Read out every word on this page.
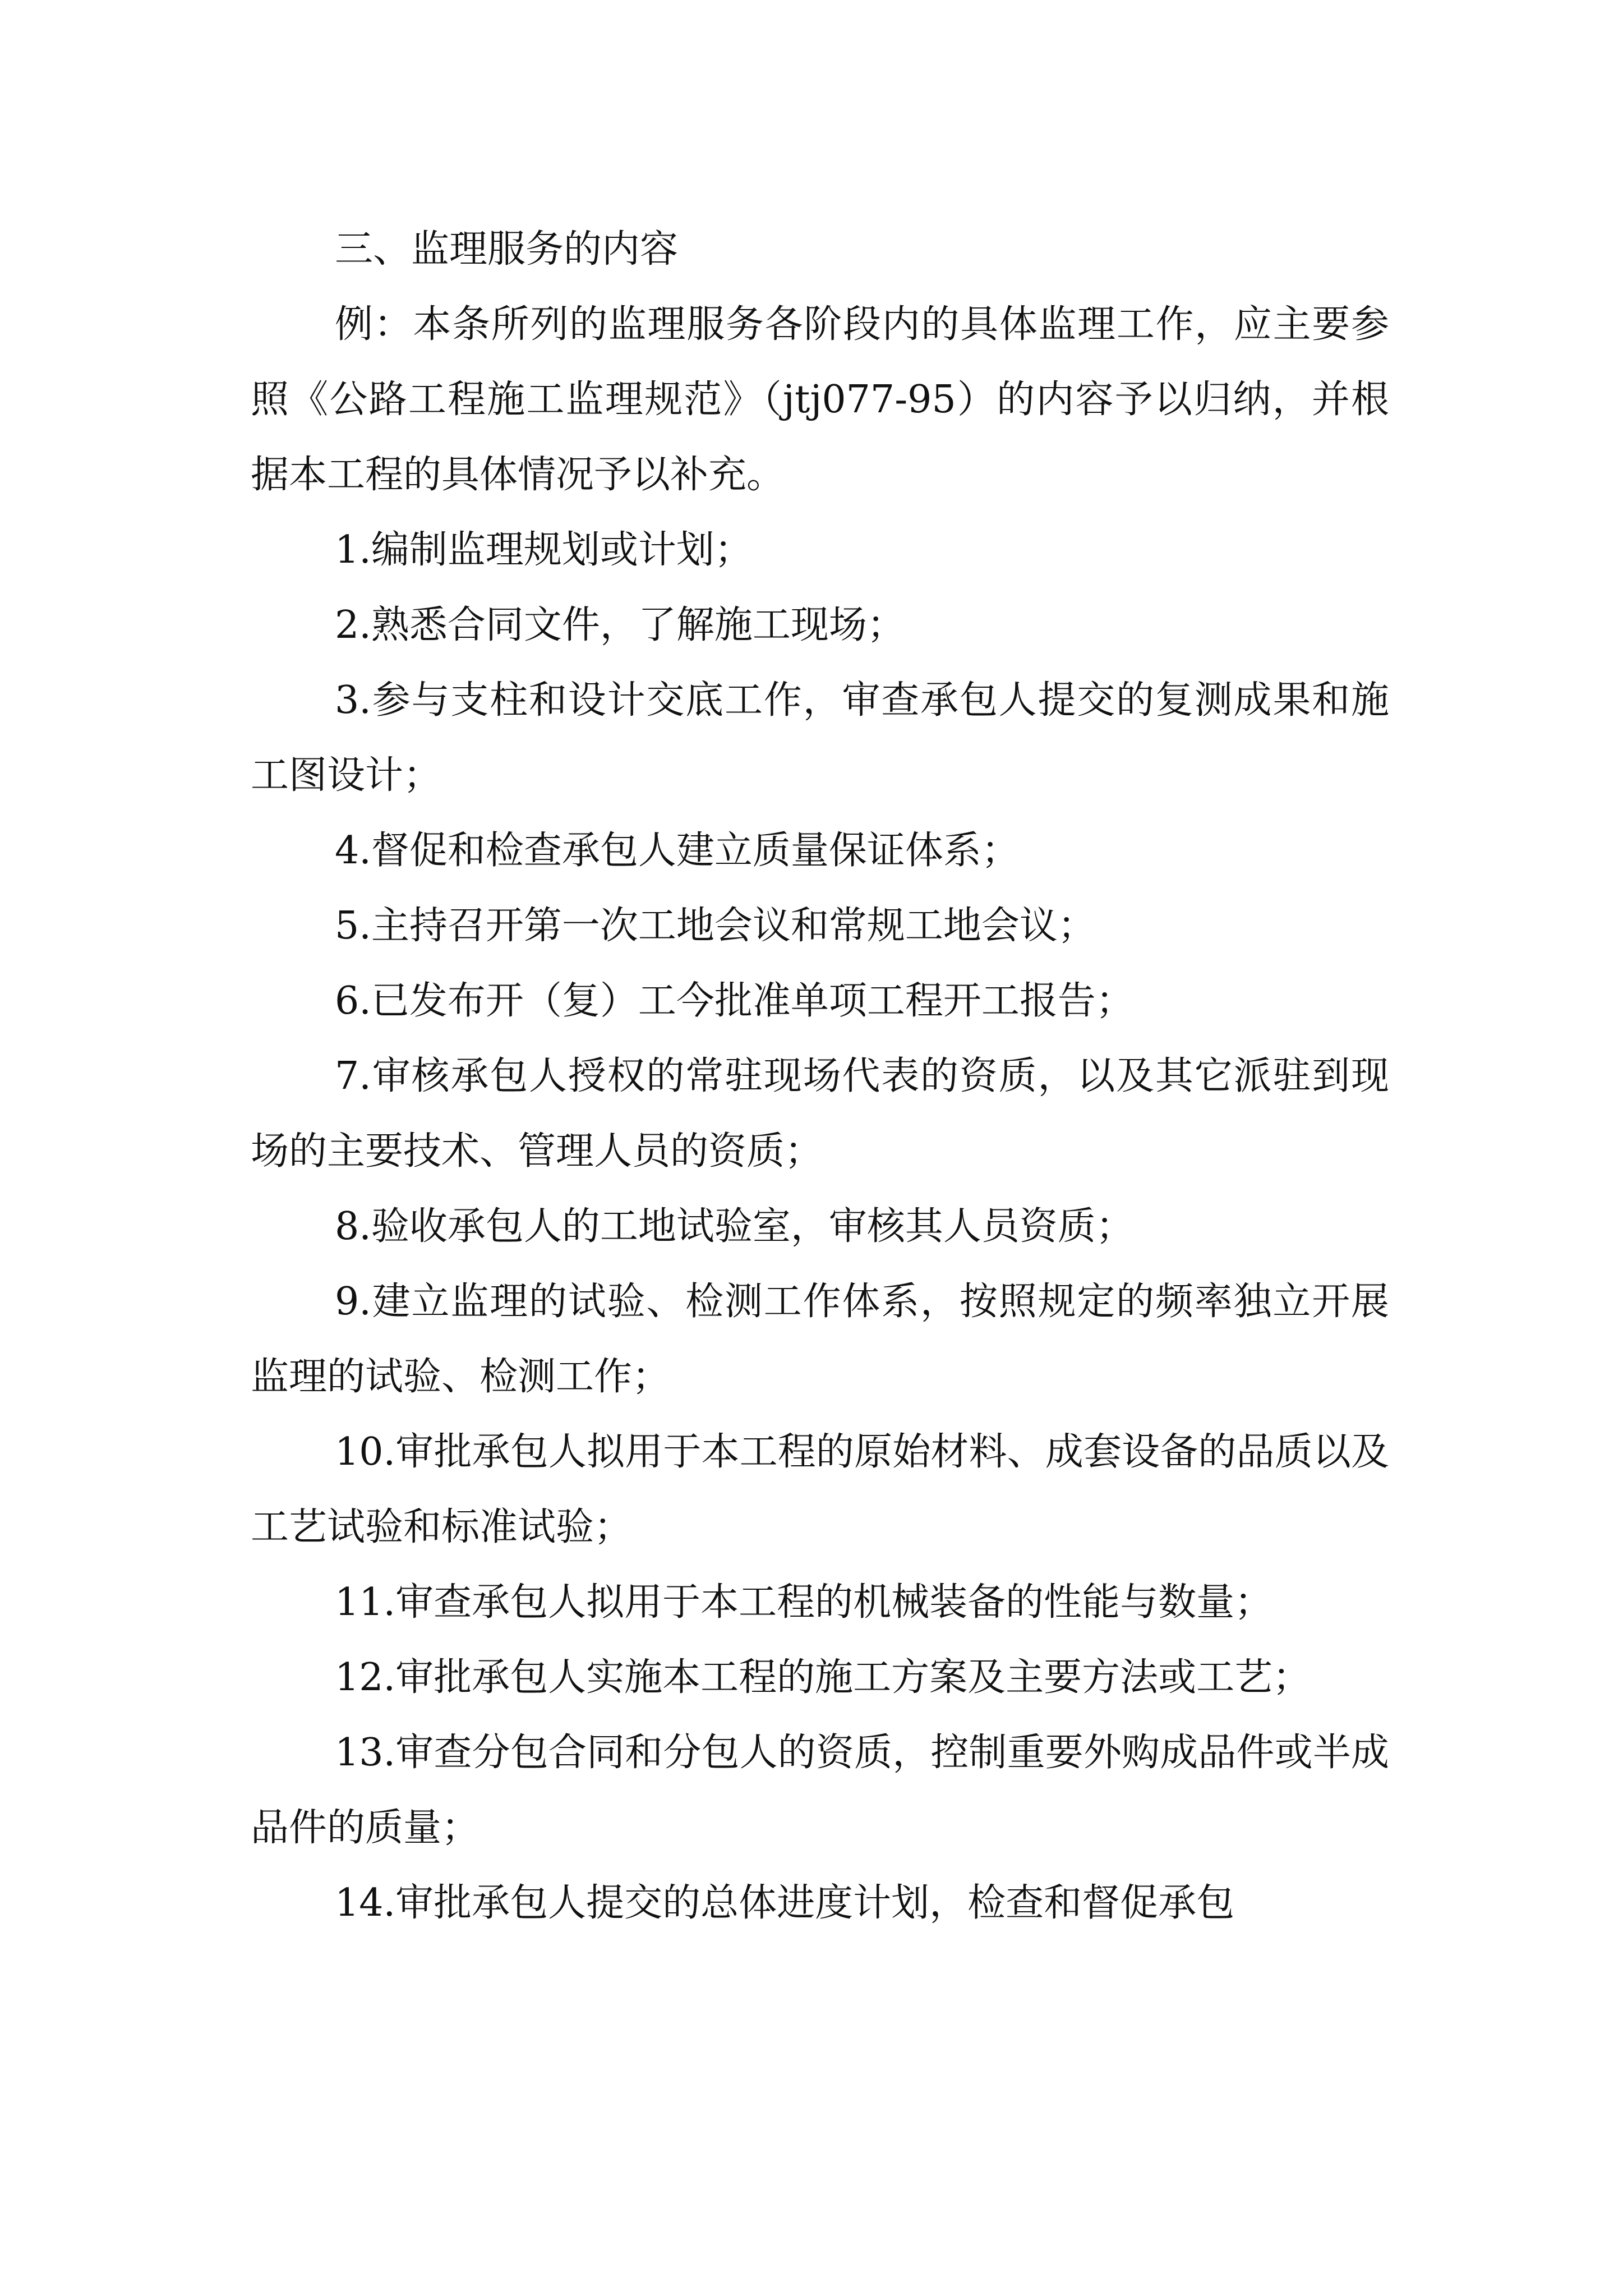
三、监理服务的内容

例：本条所列的监理服务各阶段内的具体监理工作，应主要参照《公路工程施工监理规范》（jtj077-95）的内容予以归纳，并根据本工程的具体情况予以补充。

1.编制监理规划或计划；

2.熟悉合同文件，了解施工现场；

3.参与支柱和设计交底工作，审查承包人提交的复测成果和施工图设计；

4.督促和检查承包人建立质量保证体系；

5.主持召开第一次工地会议和常规工地会议；

6.已发布开（复）工今批准单项工程开工报告；

7.审核承包人授权的常驻现场代表的资质，以及其它派驻到现场的主要技术、管理人员的资质；

8.验收承包人的工地试验室，审核其人员资质；

9.建立监理的试验、检测工作体系，按照规定的频率独立开展监理的试验、检测工作；

10.审批承包人拟用于本工程的原始材料、成套设备的品质以及工艺试验和标准试验；

11.审查承包人拟用于本工程的机械装备的性能与数量；

12.审批承包人实施本工程的施工方案及主要方法或工艺；

13.审查分包合同和分包人的资质，控制重要外购成品件或半成品件的质量；

14.审批承包人提交的总体进度计划，检查和督促承包
